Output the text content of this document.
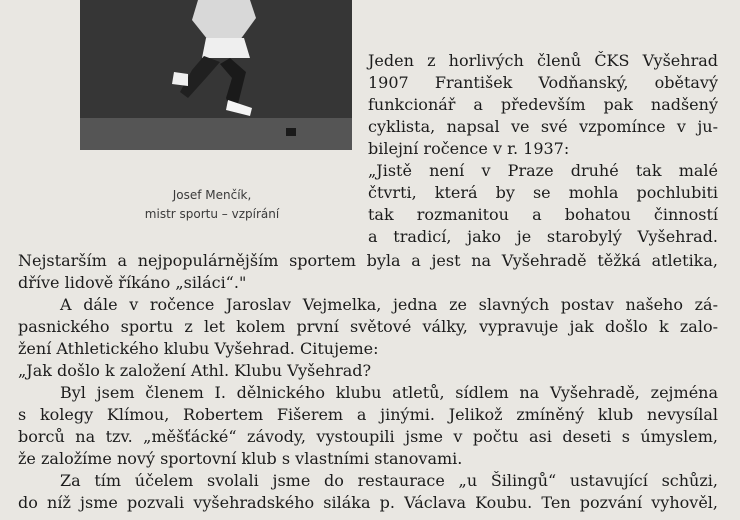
Josef Menčík,
mistr sportu – vzpírání
Jeden z horlivých členů ČKS Vyšehrad
1907 František Vodňanský, obětavý
funkcionář a především pak nadšený
cyklista, napsal ve své vzpomínce v ju-
bilejní ročence v r. 1937:
„Jistě není v Praze druhé tak malé
čtvrti, která by se mohla pochlubiti
tak rozmanitou a bohatou činností
a tradicí, jako je starobylý Vyšehrad.
Nejstarším a nejpopulárnějším sportem byla a jest na Vyšehradě těžká atletika,
dříve lidově říkáno „siláci“."
A dále v ročence Jaroslav Vejmelka, jedna ze slavných postav našeho zá-
pasnického sportu z let kolem první světové války, vypravuje jak došlo k zalo-
žení Athletického klubu Vyšehrad. Citujeme:
„Jak došlo k založení Athl. Klubu Vyšehrad?
Byl jsem členem I. dělnického klubu atletů, sídlem na Vyšehradě, zejména
s kolegy Klímou, Robertem Fišerem a jinými. Jelikož zmíněný klub nevysílal
borců na tzv. „měšťácké“ závody, vystoupili jsme v počtu asi deseti s úmyslem,
že založíme nový sportovní klub s vlastními stanovami.
Za tím účelem svolali jsme do restaurace „u Šilingů“ ustavující schůzi,
do níž jsme pozvali vyšehradského siláka p. Václava Koubu. Ten pozvání vyhověl,
